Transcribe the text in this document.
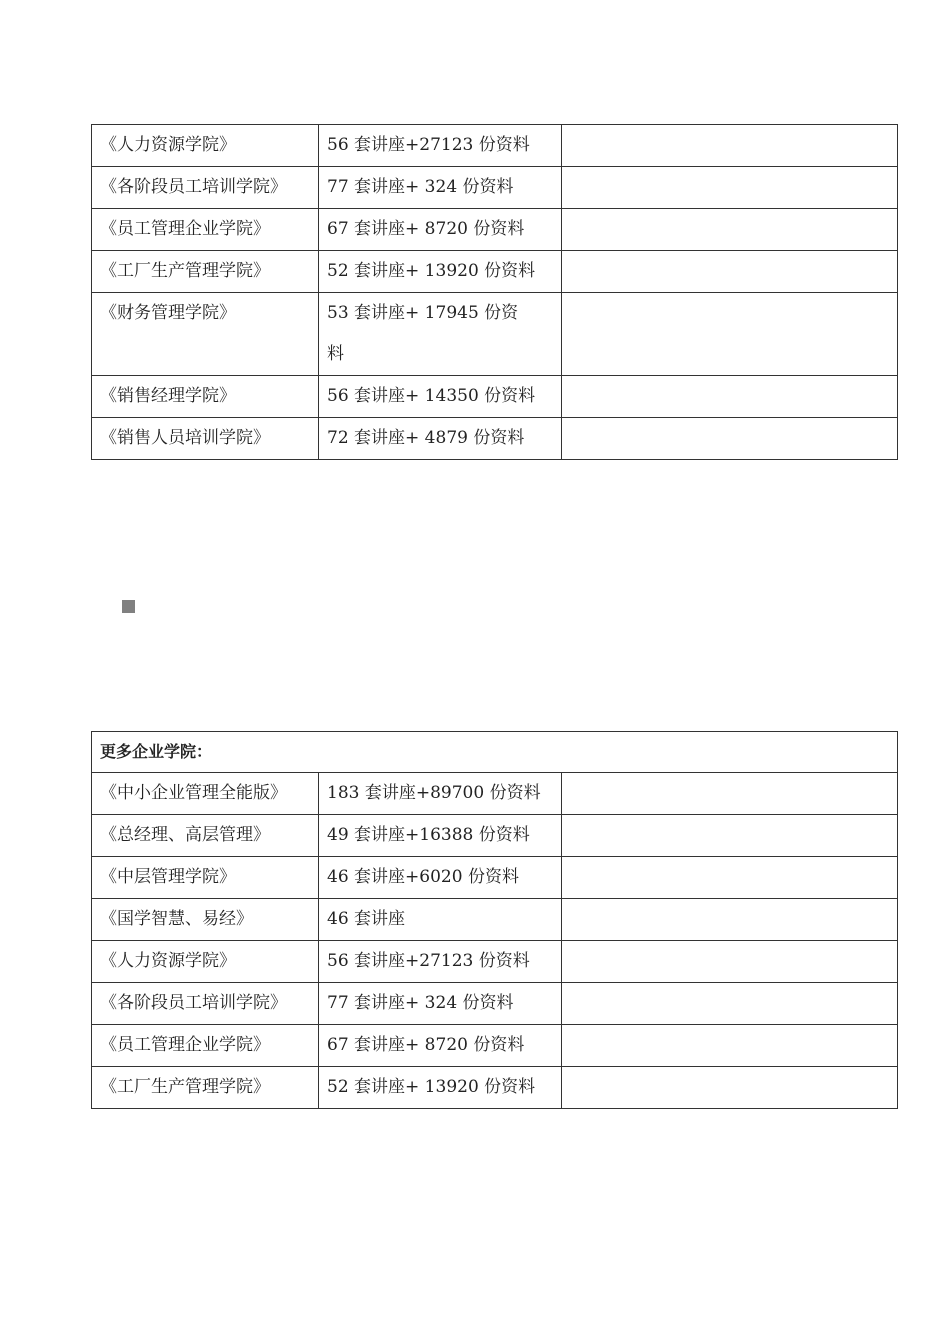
《人力资源学院》	56 套讲座+27123 份资料	
《各阶段员工培训学院》	77 套讲座+ 324 份资料	
《员工管理企业学院》	67 套讲座+ 8720 份资料	
《工厂生产管理学院》	52 套讲座+ 13920 份资料	
《财务管理学院》	53 套讲座+ 17945 份资料	
《销售经理学院》	56 套讲座+ 14350 份资料	
《销售人员培训学院》	72 套讲座+ 4879 份资料	
更多企业学院：		
《中小企业管理全能版》	183 套讲座+89700 份资料	
《总经理、高层管理》	49 套讲座+16388 份资料	
《中层管理学院》	46 套讲座+6020 份资料	
《国学智慧、易经》	46 套讲座	
《人力资源学院》	56 套讲座+27123 份资料	
《各阶段员工培训学院》	77 套讲座+ 324 份资料	
《员工管理企业学院》	67 套讲座+ 8720 份资料	
《工厂生产管理学院》	52 套讲座+ 13920 份资料	
